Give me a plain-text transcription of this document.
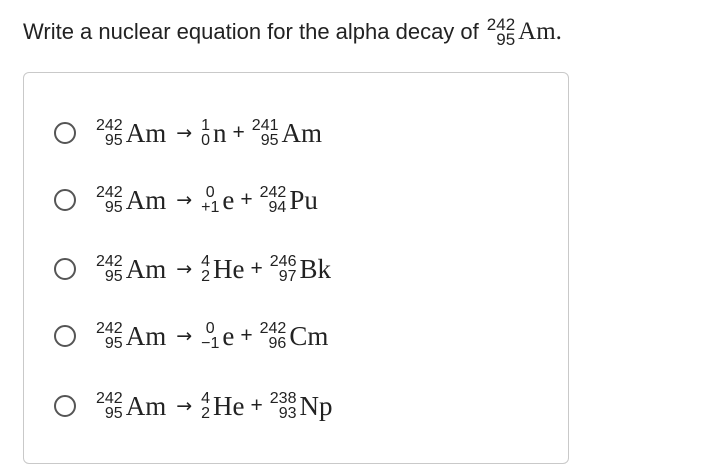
Write a nuclear equation for the alpha decay of 242
95 Am .
242
95 Am → 1
0 n + 241
95 Am
242
95 Am → 0
+1 e + 242
94 Pu
242
95 Am → 4
2 He + 246
97 Bk
242
95 Am → 0
−1 e + 242
96 Cm
242
95 Am → 4
2 He + 238
93 Np
